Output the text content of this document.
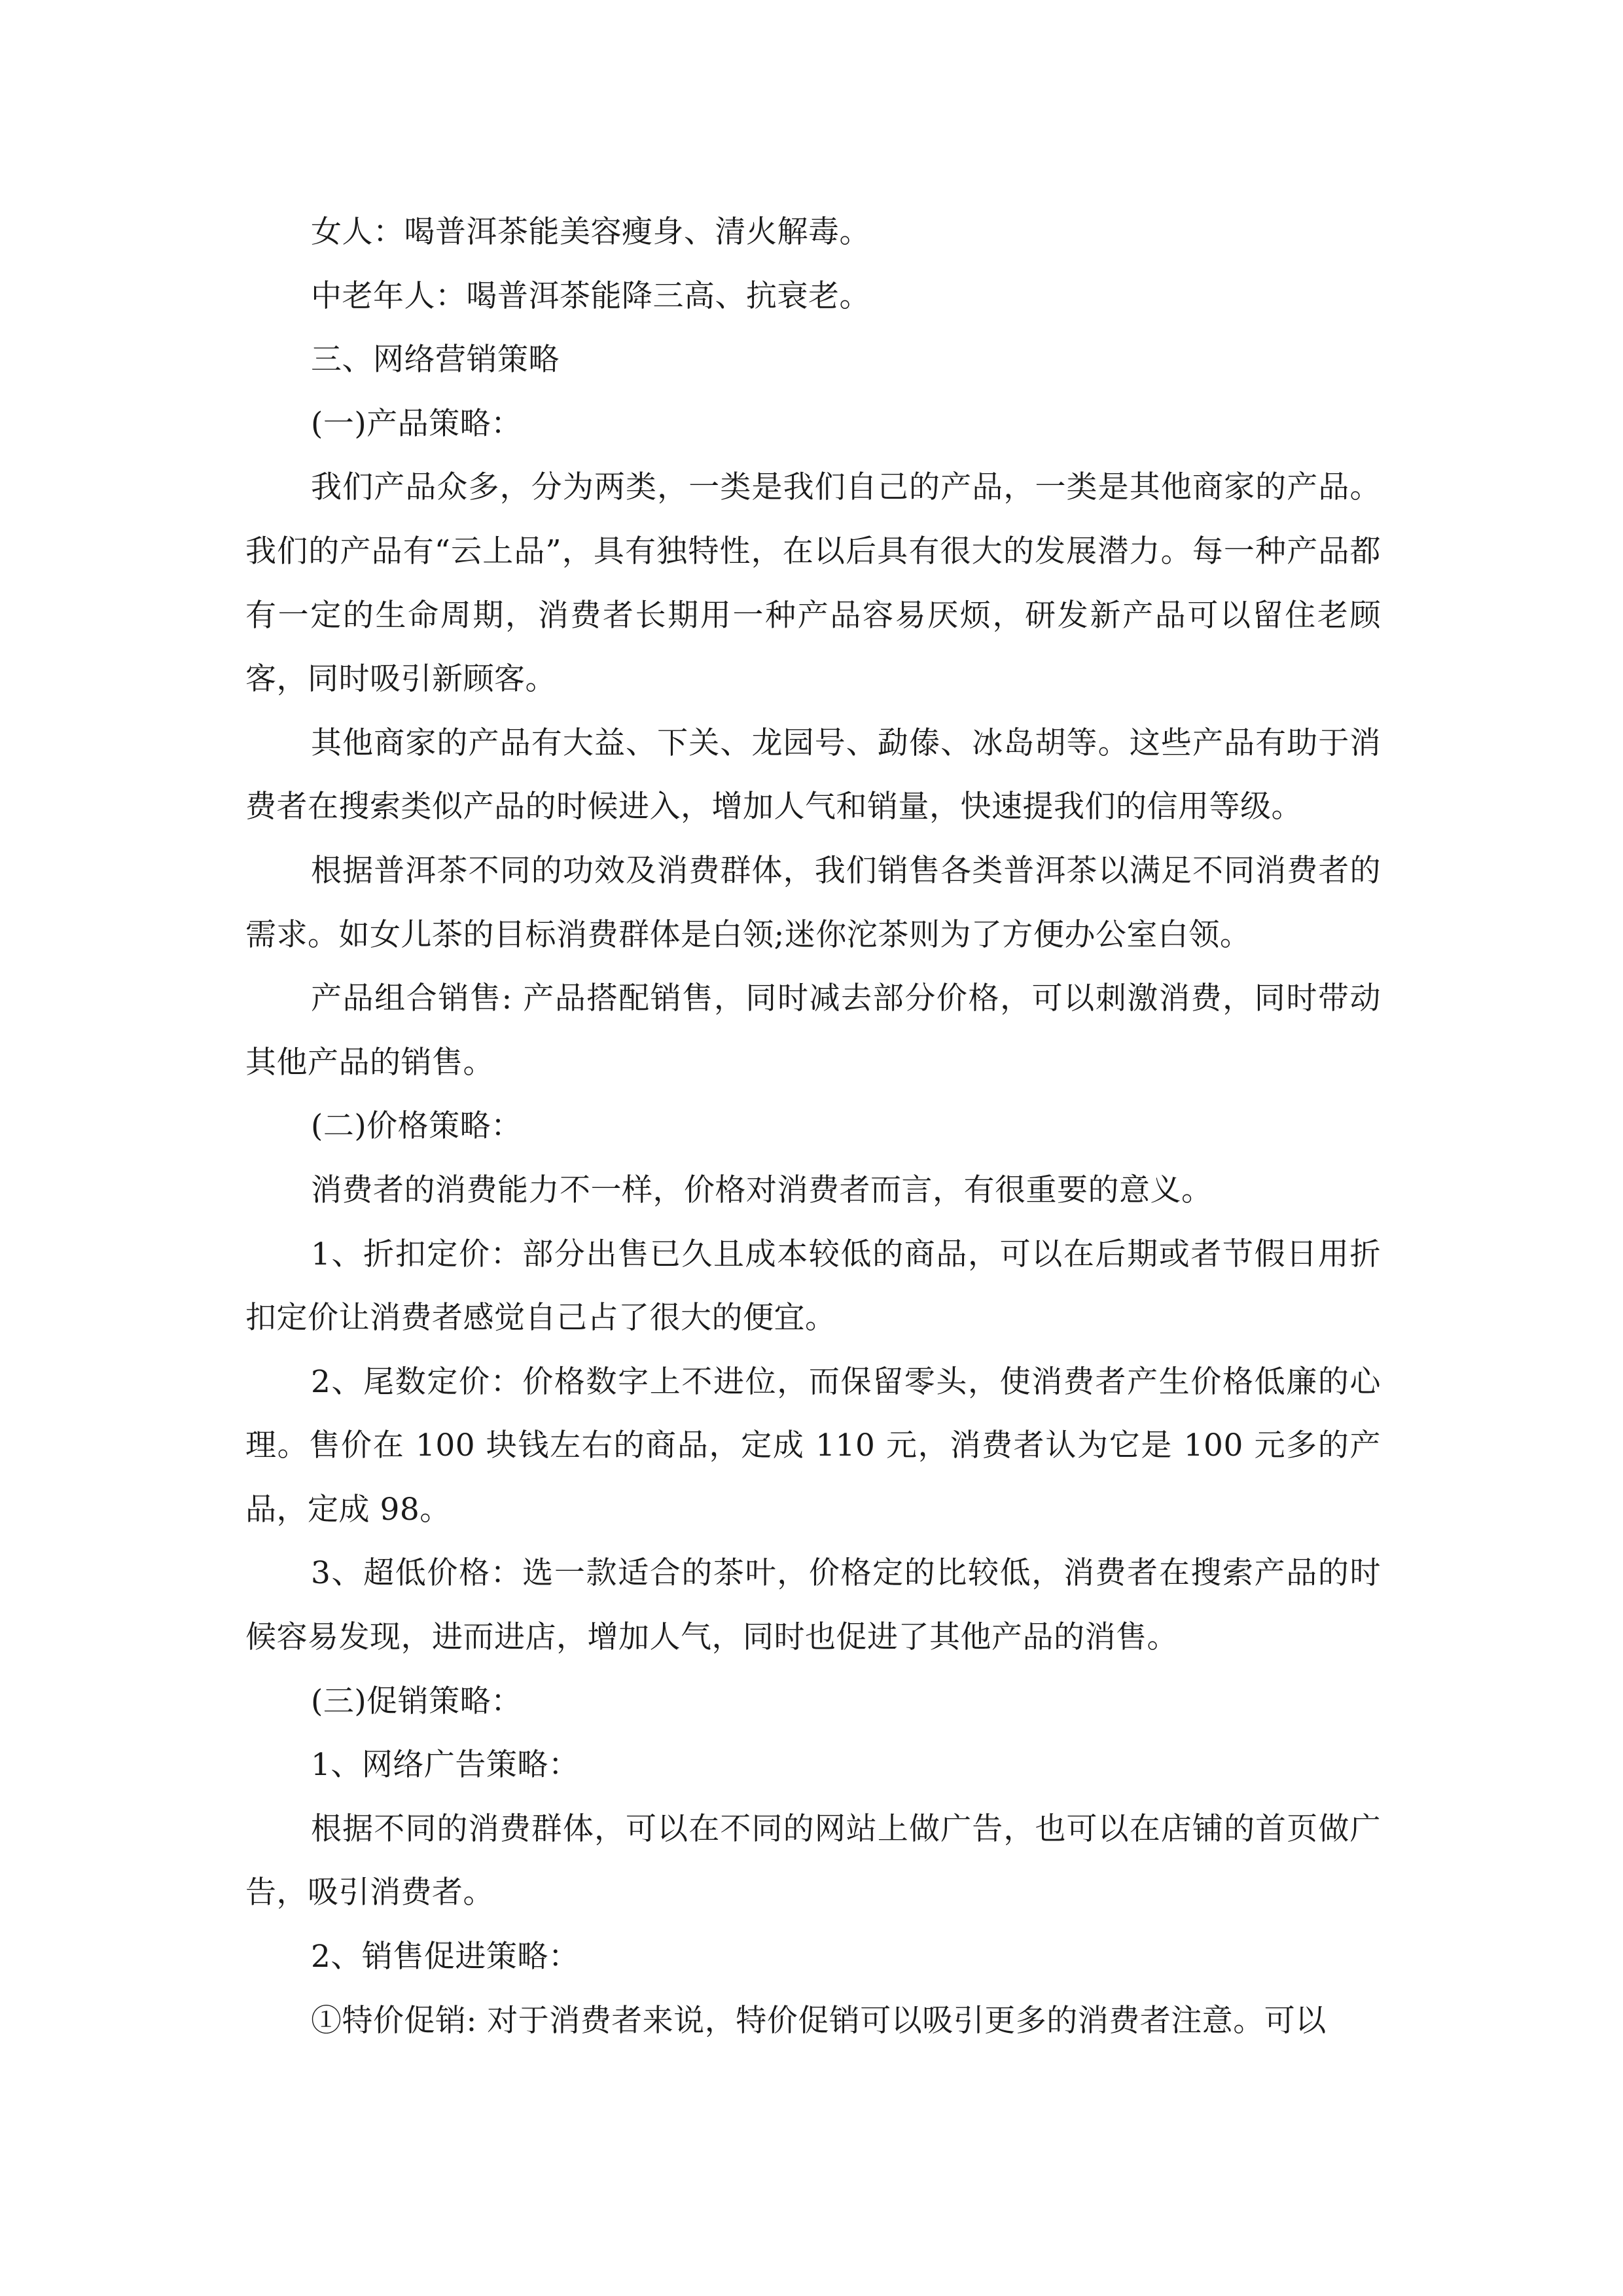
女人：喝普洱茶能美容瘦身、清火解毒。

中老年人：喝普洱茶能降三高、抗衰老。

三、网络营销策略

(一)产品策略：

我们产品众多，分为两类，一类是我们自己的产品，一类是其他商家的产品。我们的产品有“云上品”，具有独特性，在以后具有很大的发展潜力。每一种产品都有一定的生命周期，消费者长期用一种产品容易厌烦，研发新产品可以留住老顾客，同时吸引新顾客。

其他商家的产品有大益、下关、龙园号、勐傣、冰岛胡等。这些产品有助于消费者在搜索类似产品的时候进入，增加人气和销量，快速提我们的信用等级。

根据普洱茶不同的功效及消费群体，我们销售各类普洱茶以满足不同消费者的需求。如女儿茶的目标消费群体是白领;迷你沱茶则为了方便办公室白领。

产品组合销售: 产品搭配销售，同时减去部分价格，可以刺激消费，同时带动其他产品的销售。

(二)价格策略：

消费者的消费能力不一样，价格对消费者而言，有很重要的意义。

1、折扣定价：部分出售已久且成本较低的商品，可以在后期或者节假日用折扣定价让消费者感觉自己占了很大的便宜。

2、尾数定价：价格数字上不进位，而保留零头，使消费者产生价格低廉的心理。售价在 100 块钱左右的商品，定成 110 元，消费者认为它是 100 元多的产品，定成 98。

3、超低价格：选一款适合的茶叶，价格定的比较低，消费者在搜索产品的时候容易发现，进而进店，增加人气，同时也促进了其他产品的消售。

(三)促销策略：

1、网络广告策略：

根据不同的消费群体，可以在不同的网站上做广告，也可以在店铺的首页做广告，吸引消费者。

2、销售促进策略：

①特价促销: 对于消费者来说，特价促销可以吸引更多的消费者注意。可以
